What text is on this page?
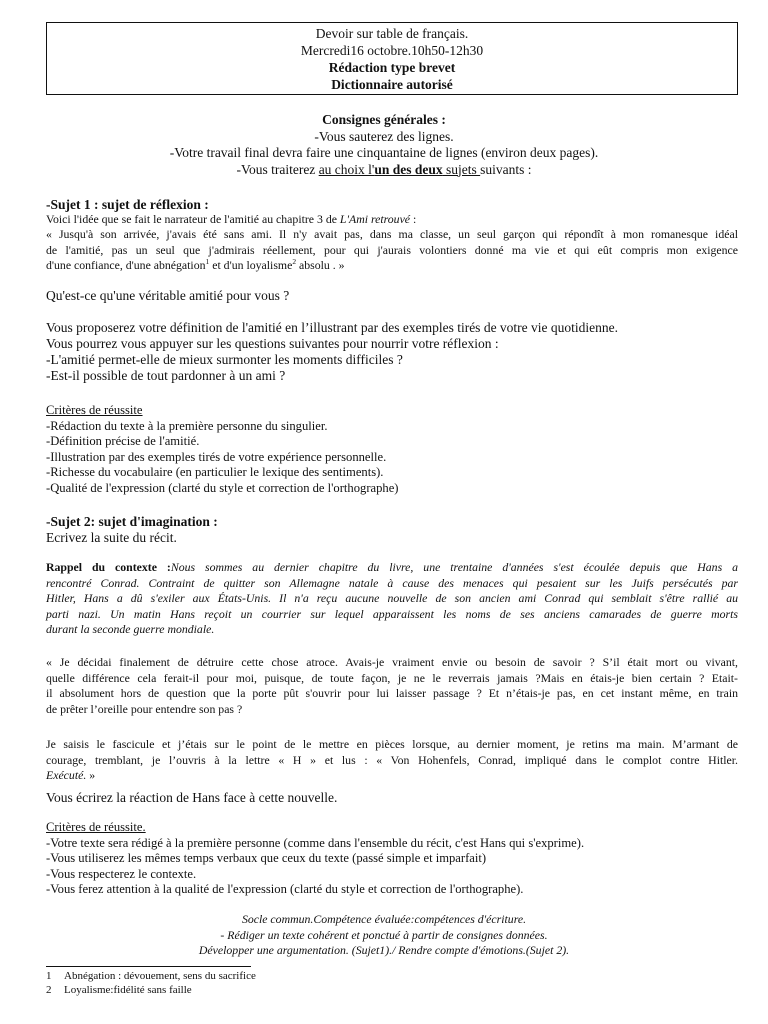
Devoir sur table de français.
Mercredi16 octobre.10h50-12h30
Rédaction type brevet
Dictionnaire autorisé
Consignes générales :
-Vous sauterez des lignes.
-Votre travail final devra faire une cinquantaine de lignes (environ deux pages).
-Vous traiterez au choix l'un des deux sujets suivants :
-Sujet 1 : sujet de réflexion :
Voici l'idée que se fait le narrateur de l'amitié au chapitre 3 de L'Ami retrouvé :
« Jusqu'à son arrivée, j'avais été sans ami. Il n'y avait pas, dans ma classe, un seul garçon qui répondît à mon romanesque idéal
de l'amitié, pas un seul que j'admirais réellement, pour qui j'aurais volontiers donné ma vie et qui eût compris mon exigence
d'une confiance, d'une abnégation$^1$ et d'un loyalisme$^2$ absolu . »
Qu'est-ce qu'une véritable amitié pour vous ?
Vous proposerez votre définition de l'amitié en l’illustrant par des exemples tirés de votre vie quotidienne.
Vous pourrez vous appuyer sur les questions suivantes pour nourrir votre réflexion :
-L'amitié permet-elle de mieux surmonter les moments difficiles ?
-Est-il possible de tout pardonner à un ami ?
Critères de réussite
-Rédaction du texte à la première personne du singulier.
-Définition précise de l'amitié.
-Illustration par des exemples tirés de votre expérience personnelle.
-Richesse du vocabulaire (en particulier le lexique des sentiments).
-Qualité de l'expression (clarté du style et correction de l'orthographe)
-Sujet 2: sujet d'imagination :
Ecrivez la suite du récit.
Rappel du contexte :Nous sommes au dernier chapitre du livre, une trentaine d'années s'est écoulée depuis que Hans a
rencontré Conrad. Contraint de quitter son Allemagne natale à cause des menaces qui pesaient sur les Juifs persécutés par
Hitler, Hans a dû s'exiler aux États-Unis. Il n'a reçu aucune nouvelle de son ancien ami Conrad qui semblait s'être rallié au
parti nazi. Un matin Hans reçoit un courrier sur lequel apparaissent les noms de ses anciens camarades de guerre morts
durant la seconde guerre mondiale.
« Je décidai finalement de détruire cette chose atroce. Avais-je vraiment envie ou besoin de savoir ? S’il était mort ou vivant,
quelle différence cela ferait-il pour moi, puisque, de toute façon, je ne le reverrais jamais ?Mais en étais-je bien certain ? Etait-
il absolument hors de question que la porte pût s'ouvrir pour lui laisser passage ? Et n’étais-je pas, en cet instant même, en train
de prêter l’oreille pour entendre son pas ?
Je saisis le fascicule et j’étais sur le point de le mettre en pièces lorsque, au dernier moment, je retins ma main. M’armant de
courage, tremblant, je l’ouvris à la lettre « H » et lus : « Von Hohenfels, Conrad, impliqué dans le complot contre Hitler.
Exécuté. »
Vous écrirez la réaction de Hans face à cette nouvelle.
Critères de réussite.
-Votre texte sera rédigé à la première personne (comme dans l'ensemble du récit, c'est Hans qui s'exprime).
-Vous utiliserez les mêmes temps verbaux que ceux du texte (passé simple et imparfait)
-Vous respecterez le contexte.
-Vous ferez attention à la qualité de l'expression (clarté du style et correction de l'orthographe).
Socle commun.Compétence évaluée:compétences d'écriture.
- Rédiger un texte cohérent et ponctué à partir de consignes données.
Développer une argumentation. (Sujet1)./ Rendre compte d'émotions.(Sujet 2).
1 Abnégation : dévouement, sens du sacrifice
2 Loyalisme:fidélité sans faille
